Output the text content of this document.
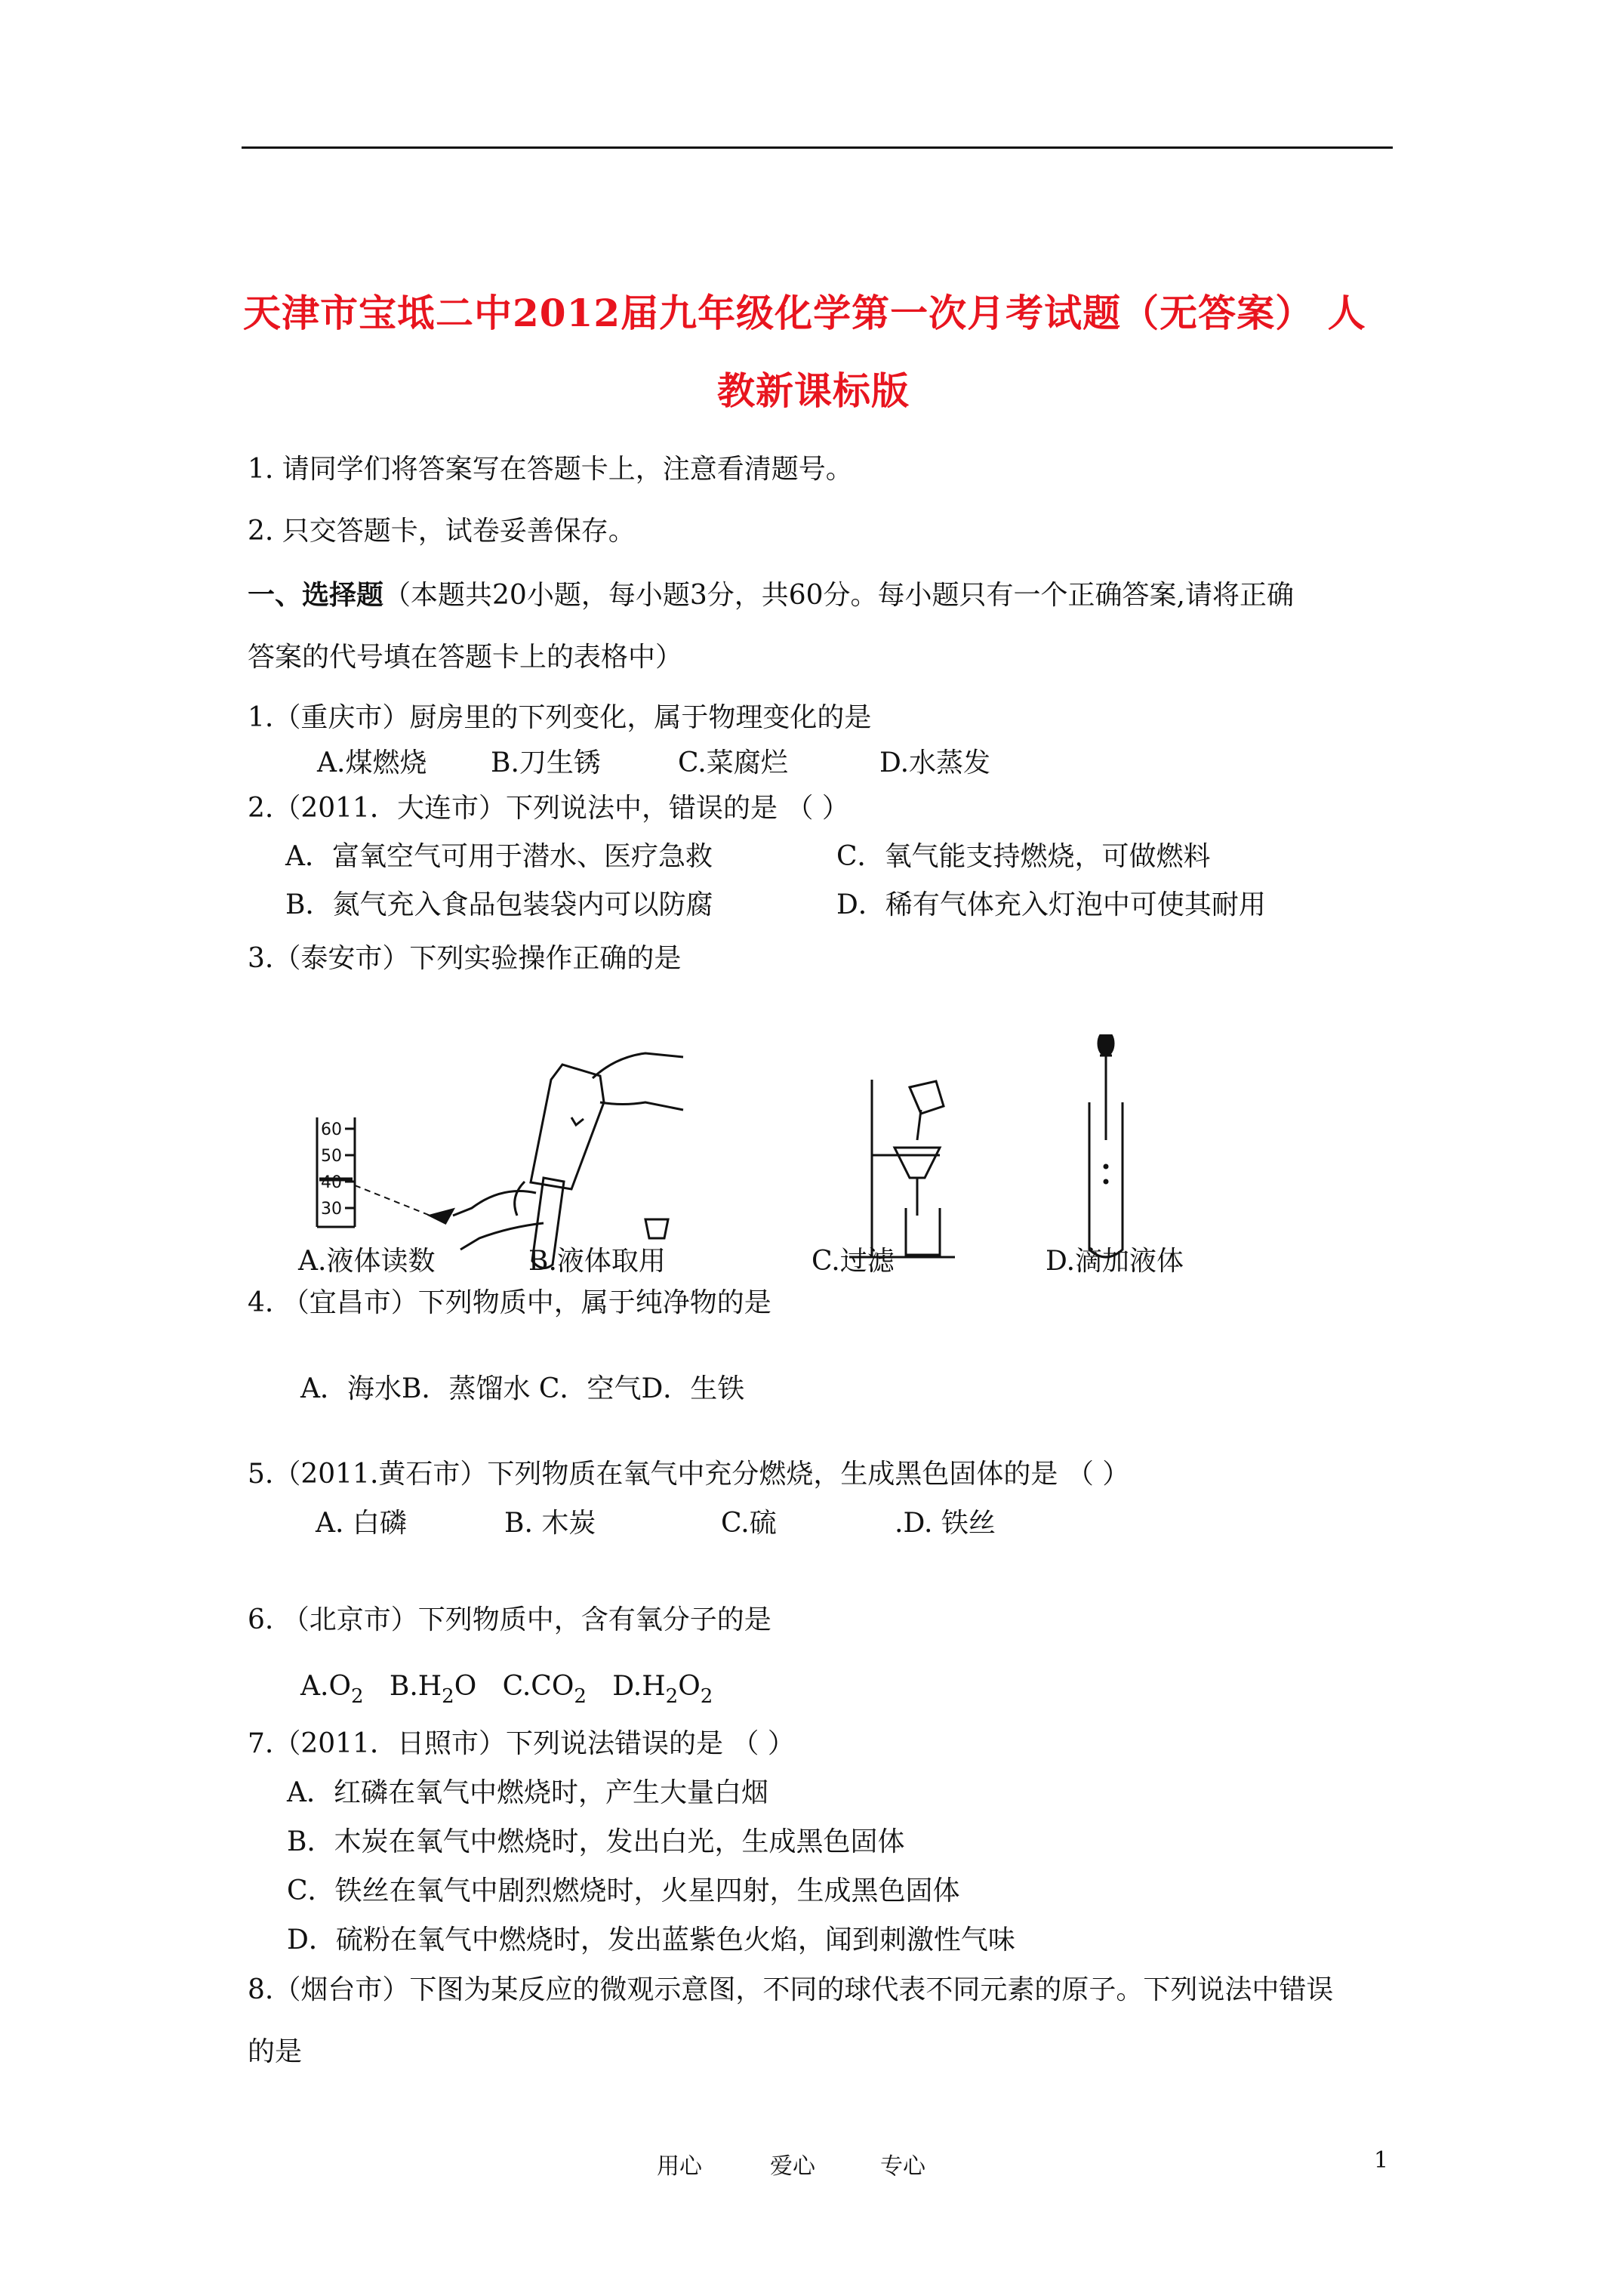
天津市宝坻二中2012届九年级化学第一次月考试题（无答案） 人
教新课标版
1. 请同学们将答案写在答题卡上，注意看清题号。
2. 只交答题卡，试卷妥善保存。
一、选择题（本题共20小题，每小题3分，共60分。每小题只有一个正确答案,请将正确
答案的代号填在答题卡上的表格中）
1.（重庆市）厨房里的下列变化，属于物理变化的是
A.煤燃烧 B.刀生锈	C.菜腐烂	D.水蒸发
2.（2011．大连市）下列说法中，错误的是 （ ）
A．富氧空气可用于潜水、医疗急救	C．氧气能支持燃烧，可做燃料
B．氮气充入食品包装袋内可以防腐	D．稀有气体充入灯泡中可使其耐用
3.（泰安市）下列实验操作正确的是
60
50
40
30
A.液体读数	B.液体取用	C.过滤	D.滴加液体
4. （宜昌市）下列物质中，属于纯净物的是
A．海水B．蒸馏水 C．空气D．生铁
5.（2011.黄石市）下列物质在氧气中充分燃烧，生成黑色固体的是 （ ）
A. 白磷	B. 木炭	C.硫	.D. 铁丝
6. （北京市）下列物质中，含有氧分子的是
$A.O_2$ $B.H_2O$ $C.CO_2$ $D.H_2O_2$
7.（2011．日照市）下列说法错误的是 （ ）
A．红磷在氧气中燃烧时，产生大量白烟
B．木炭在氧气中燃烧时，发出白光，生成黑色固体
C．铁丝在氧气中剧烈燃烧时，火星四射，生成黑色固体
D．硫粉在氧气中燃烧时，发出蓝紫色火焰，闻到刺激性气味
8.（烟台市）下图为某反应的微观示意图，不同的球代表不同元素的原子。下列说法中错误
的是
用心	爱心	专心	1
